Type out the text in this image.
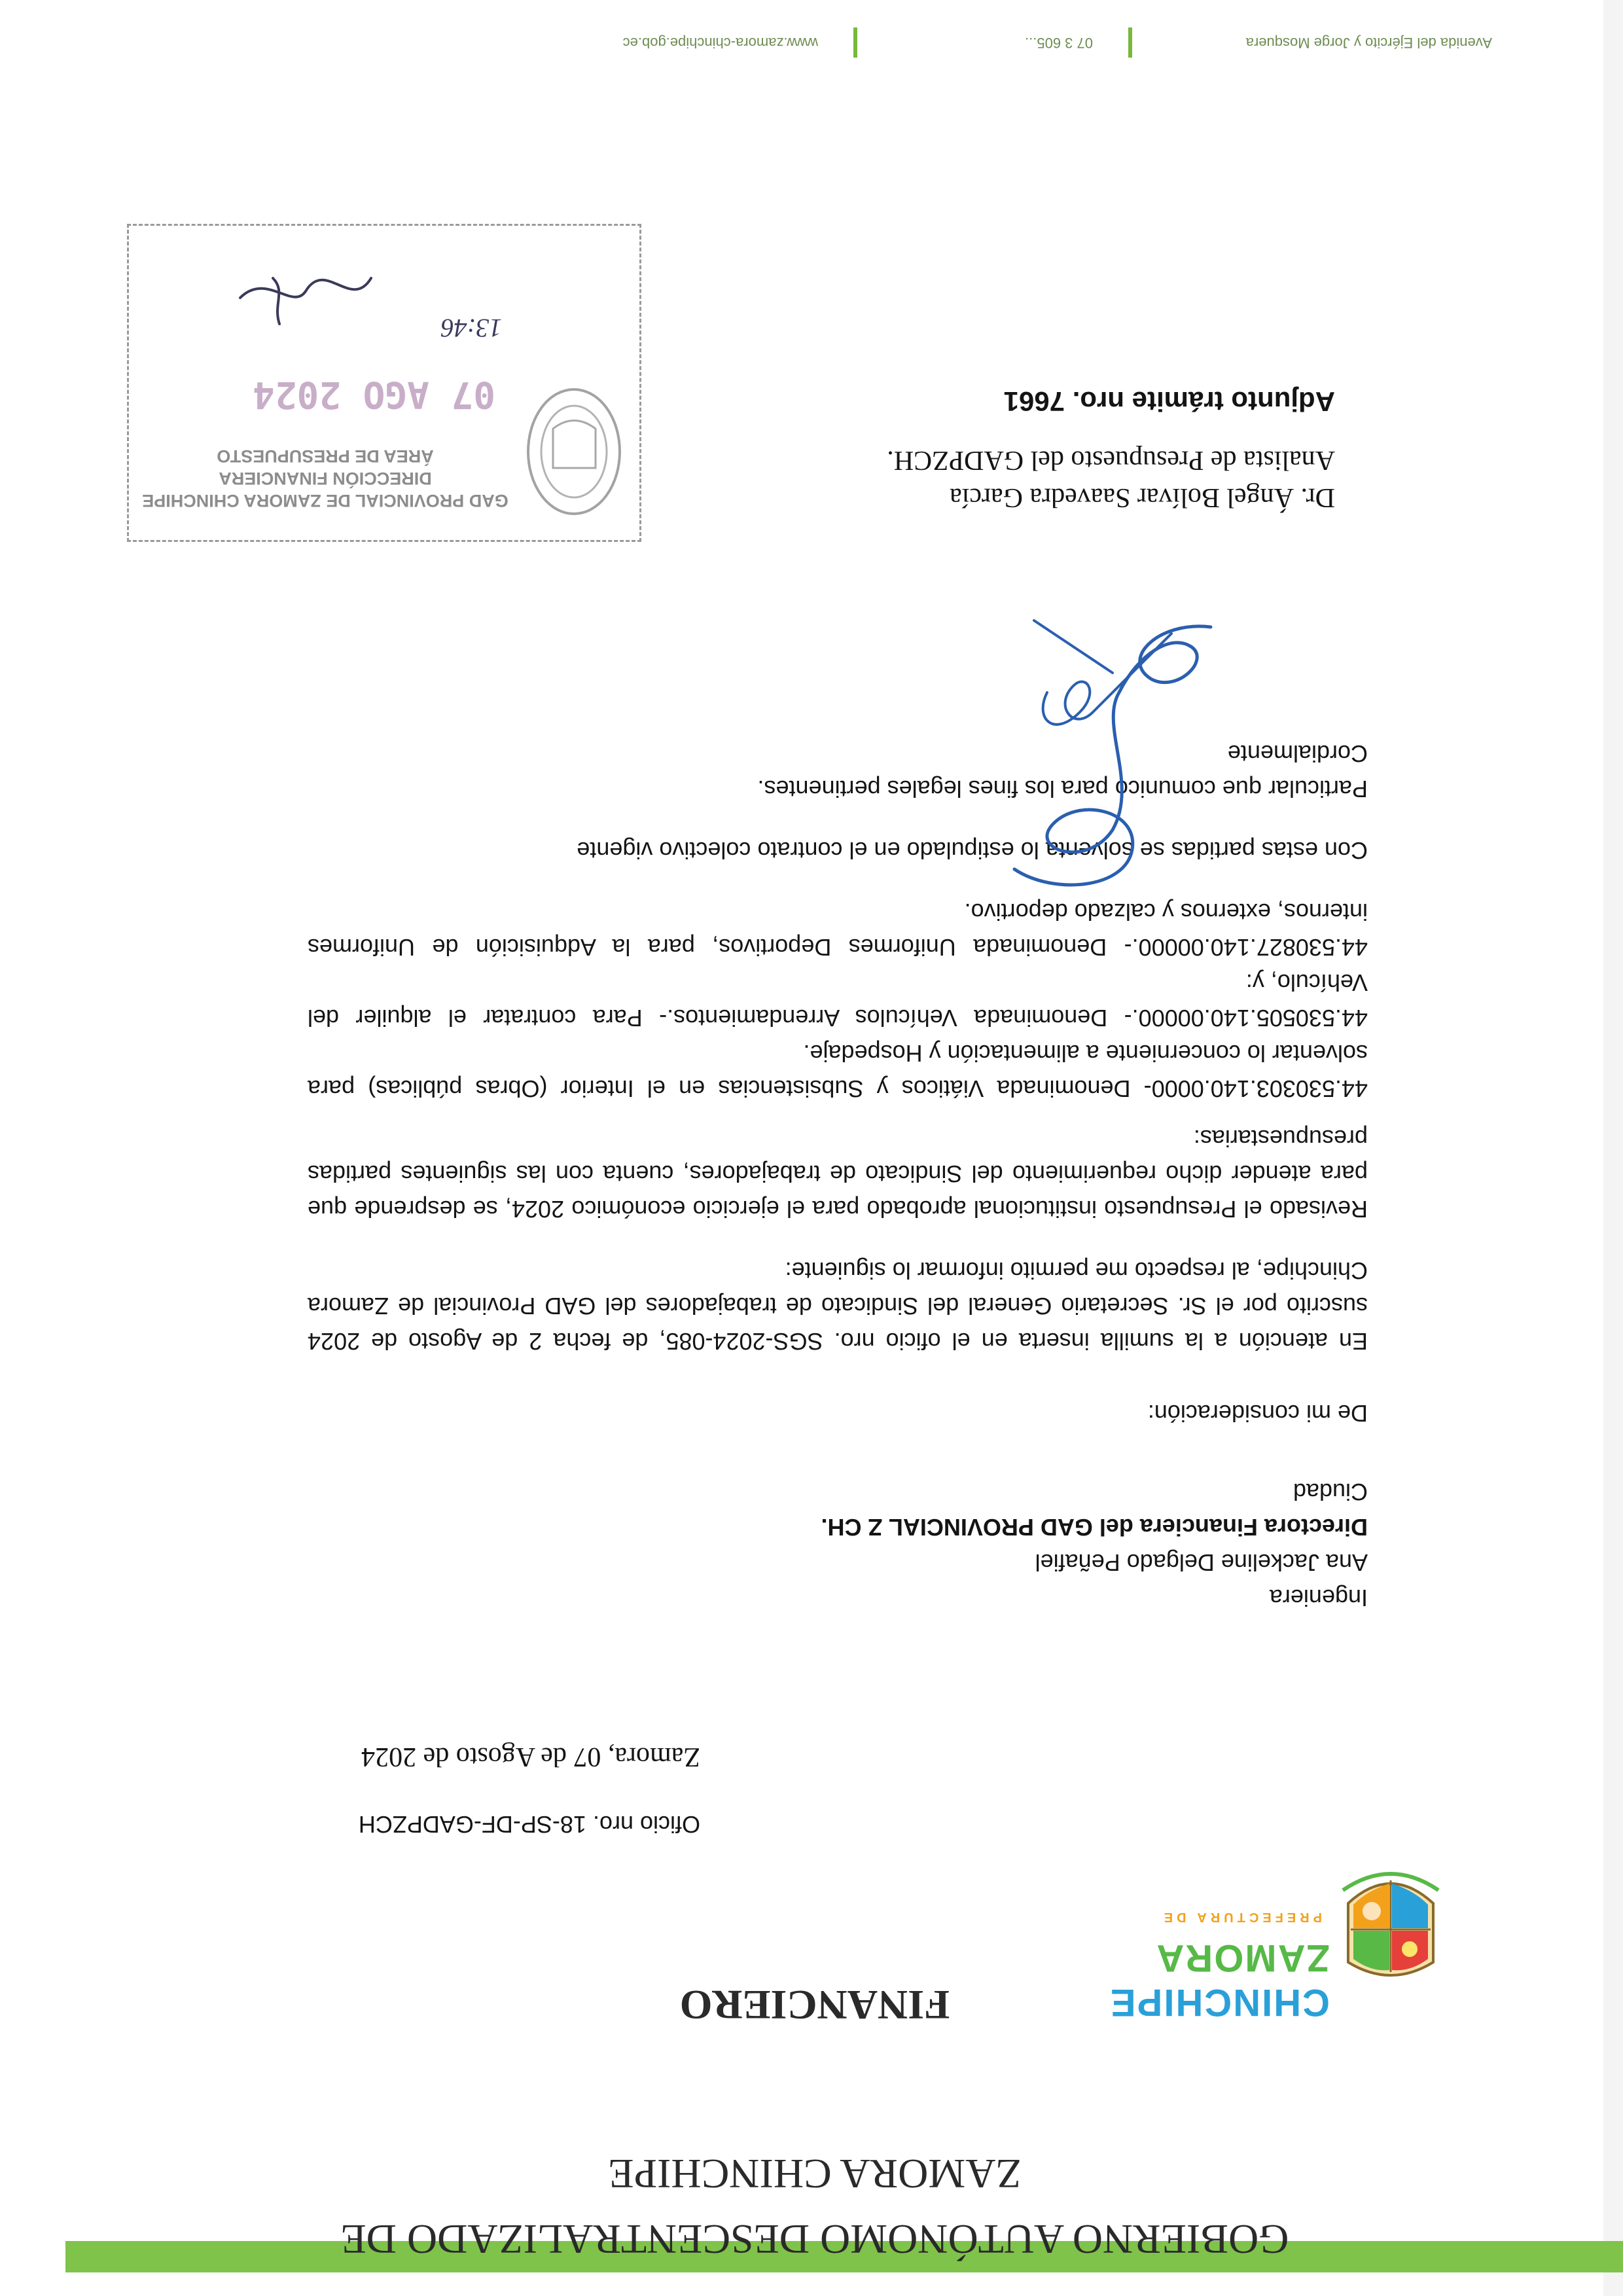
PREFECTURA DE
ZAMORA
CHINCHIPE
GOBIERNO AUTÓNOMO DESCENTRALIZADO DE
ZAMORA CHINCHIPE
FINANCIERO
Oficio nro. 18-SP-DF-GADPZCH
Zamora, 07 de Agosto de 2024

Ingeniera

Ana Jackeline Delgado Peñafiel

Directora Financiera del GAD PROVINCIAL Z CH.

Ciudad

De mi consideración:

En atención a la sumilla inserta en el oficio nro. SGS-2024-085, de fecha 2 de Agosto de 2024 suscrito por el Sr. Secretario General del Sindicato de trabajadores del GAD Provincial de Zamora Chinchipe, al respecto me permito informar lo siguiente:

Revisado el Presupuesto institucional aprobado para el ejercicio económico 2024, se desprende que para atender dicho requerimiento del Sindicato de trabajadores, cuenta con las siguientes partidas presupuestarias:

44.530303.140.0000- Denominada Viáticos y Subsistencias en el Interior (Obras públicas) para solventar lo concerniente a alimentación y Hospedaje.

44.530505.140.00000.- Denominada Vehículos Arrendamientos.- Para contratar el alquiler del Vehículo, y:

44.530827.140.00000.- Denominada Uniformes Deportivos, para la Adquisición de Uniformes internos, externos y calzado deportivo.

Con estas partidas se solventa lo estipulado en el contrato colectivo vigente

Particular que comunico para los fines legales pertinentes.

Cordialmente

Dr. Ángel Bolívar Saavedra García
Analista de Presupuesto del GADPZCH.
Adjunto trámite nro. 7661
GAD PROVINCIAL DE ZAMORA CHINCHIPE
DIRECCIÓN FINANCIERA
ÁREA DE PRESUPUESTO
07 AGO 2024
13:46
Avenida del Ejército y Jorge Mosquera
07 3 605...
www.zamora-chinchipe.gob.ec
